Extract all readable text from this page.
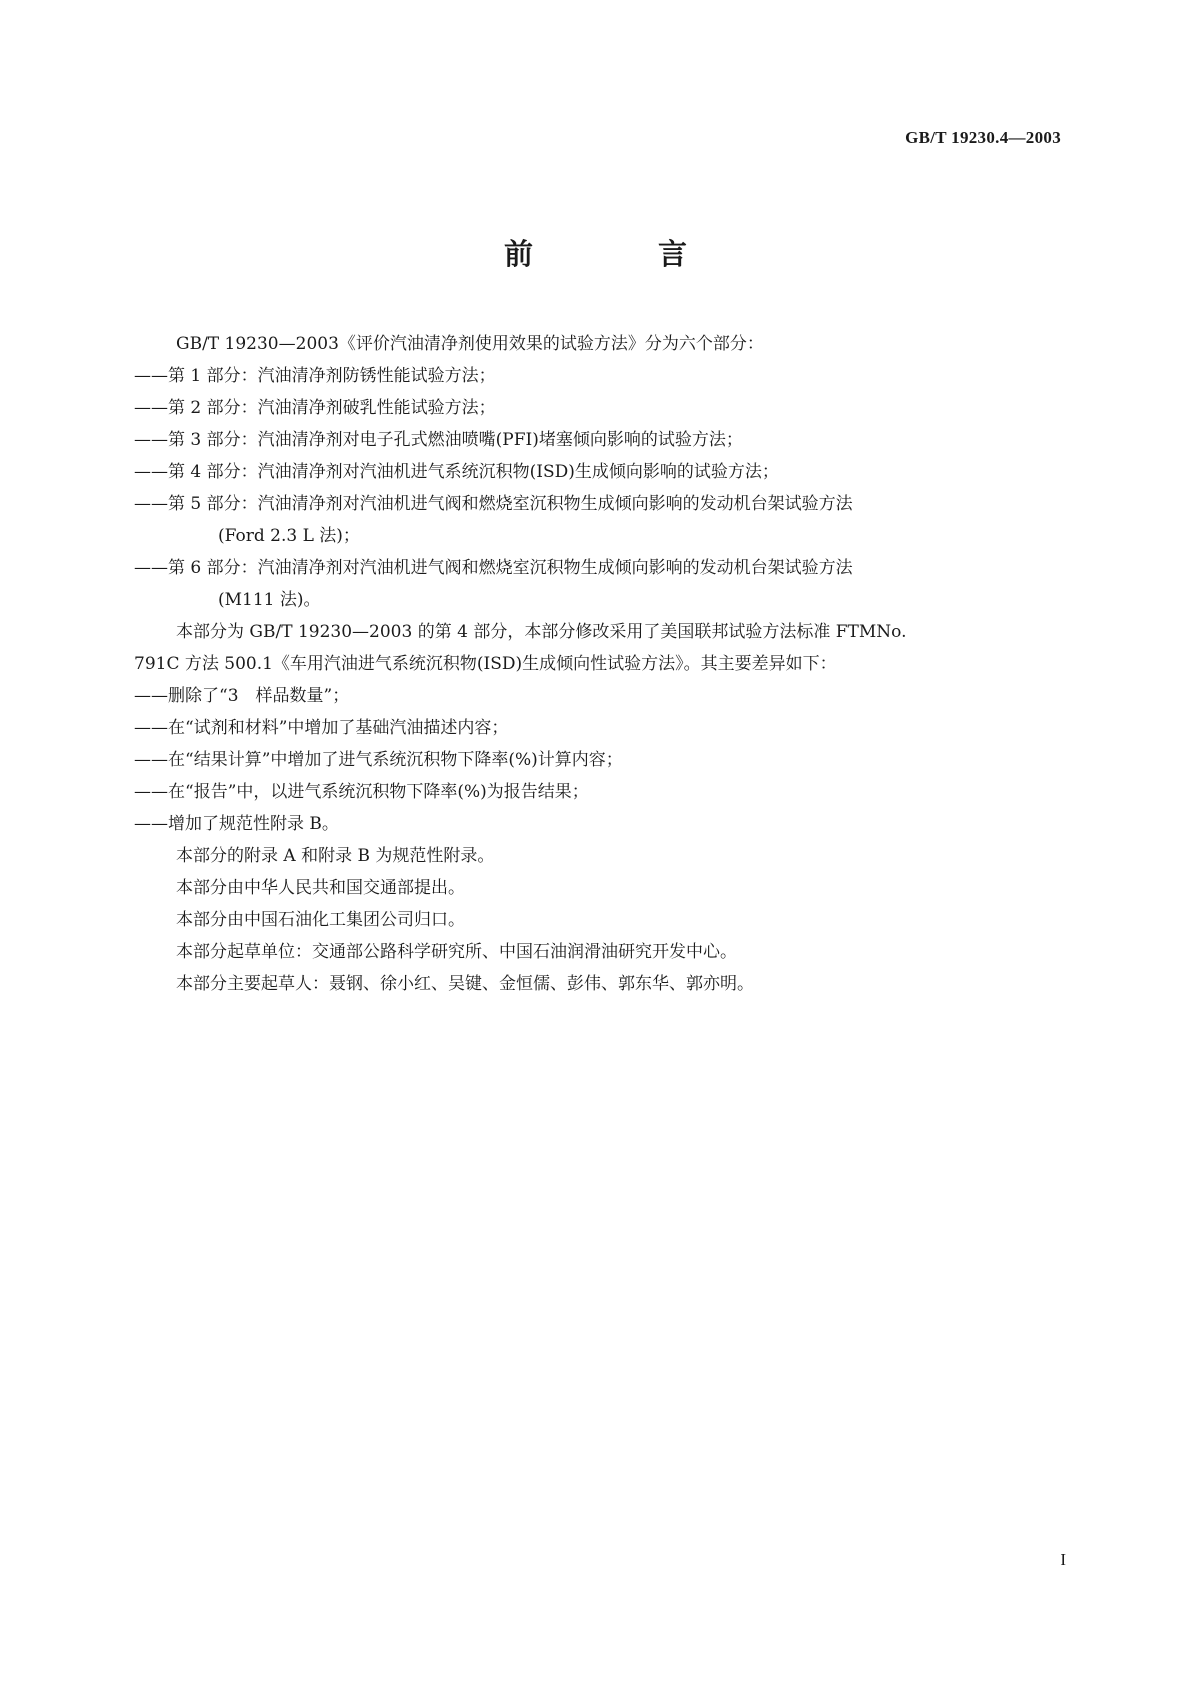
GB/T 19230.4—2003
前　言

GB/T 19230—2003《评价汽油清净剂使用效果的试验方法》分为六个部分：

——第 1 部分：汽油清净剂防锈性能试验方法；

——第 2 部分：汽油清净剂破乳性能试验方法；

——第 3 部分：汽油清净剂对电子孔式燃油喷嘴(PFI)堵塞倾向影响的试验方法；

——第 4 部分：汽油清净剂对汽油机进气系统沉积物(ISD)生成倾向影响的试验方法；

——第 5 部分：汽油清净剂对汽油机进气阀和燃烧室沉积物生成倾向影响的发动机台架试验方法

(Ford 2.3 L 法)；

——第 6 部分：汽油清净剂对汽油机进气阀和燃烧室沉积物生成倾向影响的发动机台架试验方法

(M111 法)。

本部分为 GB/T 19230—2003 的第 4 部分，本部分修改采用了美国联邦试验方法标准 FTMNo.

791C 方法 500.1《车用汽油进气系统沉积物(ISD)生成倾向性试验方法》。其主要差异如下：

——删除了“3　样品数量”；

——在“试剂和材料”中增加了基础汽油描述内容；

——在“结果计算”中增加了进气系统沉积物下降率(%)计算内容；

——在“报告”中，以进气系统沉积物下降率(%)为报告结果；

——增加了规范性附录 B。

本部分的附录 A 和附录 B 为规范性附录。

本部分由中华人民共和国交通部提出。

本部分由中国石油化工集团公司归口。

本部分起草单位：交通部公路科学研究所、中国石油润滑油研究开发中心。

本部分主要起草人：聂钢、徐小红、吴键、金恒儒、彭伟、郭东华、郭亦明。

I
